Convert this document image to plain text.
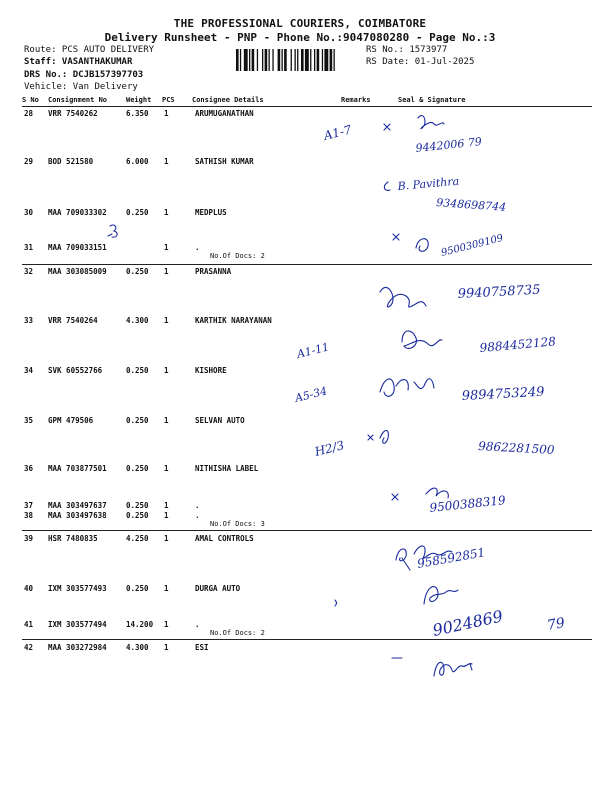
THE PROFESSIONAL COURIERS, COIMBATORE
Delivery Runsheet - PNP - Phone No.:9047080280 - Page No.:3
Route: PCS AUTO DELIVERY
Staff: VASANTHAKUMAR
DRS No.: DCJB157397703
Vehicle: Van Delivery
RS No.: 1573977
RS Date: 01-Jul-2025
S No Consignment No	Weight PCS Consignee Details	Remarks	Seal & Signature
28 VRR 7540262	6.350 1	ARUMUGANATHAN
29 BOD 521580	6.000 1	SATHISH KUMAR
30 MAA 709033302	0.250 1	MEDPLUS
31 MAA 709033151	1	.
No.Of Docs: 2
32 MAA 303085009	0.250 1	PRASANNA
33 VRR 7540264	4.300 1	KARTHIK NARAYANAN
34 SVK 60552766	0.250 1	KISHORE
35 GPM 479506	0.250 1	SELVAN AUTO
36 MAA 703877501	0.250 1	NITHISHA LABEL
37 MAA 303497637	0.250 1	.
38 MAA 303497638	0.250 1	.
No.Of Docs: 3
39 HSR 7480835	4.250 1	AMAL CONTROLS
40 IXM 303577493	0.250 1	DURGA AUTO
41 IXM 303577494	14.200 1	.
No.Of Docs: 2
42 MAA 303272984	4.300 1	ESI
A1-7
9442006 79
B. Pavithra
9348698744
9500309109
9940758735
A1-11	9884452128
A5-34	9894753249
H2/3	9862281500
9500388319
958592851
9024869	79
